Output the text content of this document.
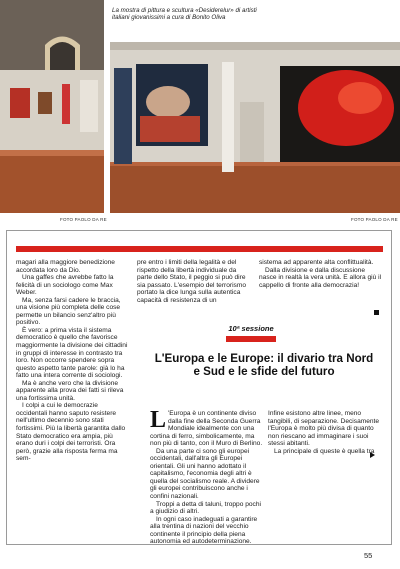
FOTO PAOLO DA RE
La mostra di pittura e scultura «Desiderelur» di artisti italiani giovanissimi a cura di Bonito Oliva
FOTO PAOLO DA RE

magari alla maggiore benedizione accordata loro da Dio.

Una gaffes che avrebbe fatto la felicità di un sociologo come Max Weber.

Ma, senza farsi cadere le braccia, una visione più completa delle cose permette un bilancio senz'altro più positivo.

È vero: a prima vista il sistema democratico è quello che favorisce maggiormente la divisione dei cittadini in gruppi di interesse in contrasto tra loro. Non occorre spendere sopra questo aspetto tante parole: già lo ha fatto una intera corrente di sociologi.

Ma è anche vero che la divisione apparente alla prova dei fatti si rileva una fortissima unità.

I colpi a cui le democrazie occidentali hanno saputo resistere nell'ultimo decennio sono stati fortissimi. Più la libertà garantita dallo Stato democratico era ampia, più erano duri i colpi dei terroristi. Ora però, grazie alla risposta ferma ma sem-

pre entro i limiti della legalità e del rispetto della libertà individuale da parte dello Stato, il peggio si può dire sia passato. L'esempio del terrorismo portato la dice lunga sulla autentica capacità di resistenza di un

sistema ad apparente alta conflittualità.

Dalla divisione e dalla discussione nasce in realtà la vera unità. E allora giù il cappello di fronte alla democrazia!

10ª sessione
L'Europa e le Europe: il divario tra Nord e Sud e le sfide del futuro

L 'Europa è un continente diviso dalla fine della Seconda Guerra Mondiale idealmente con una cortina di ferro, simbolicamente, ma non più di tanto, con il Muro di Berlino.

Da una parte ci sono gli europei occidentali, dall'altra gli Europei orientali. Gli uni hanno adottato il capitalismo, l'economia degli altri è quella del socialismo reale. A dividere gli europei contribuiscono anche i confini nazionali.

Troppi a detta di taluni, troppo pochi a giudizio di altri.

In ogni caso inadeguati a garantire alla trentina di nazioni del vecchio continente il principio della piena autonomia ed autodeterminazione.

Infine esistono altre linee, meno tangibili, di separazione. Decisamente l'Europa è molto più divisa di quanto non riescano ad immaginare i suoi stessi abitanti.

La principale di queste è quella tra

55
